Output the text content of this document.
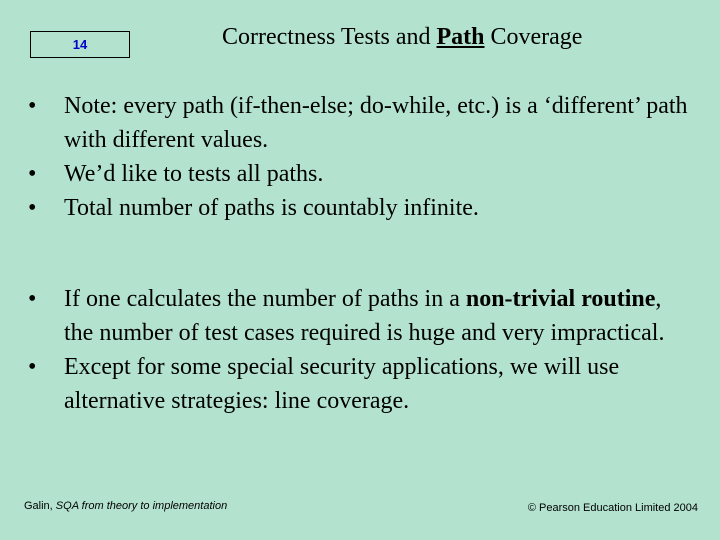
14	Correctness Tests and Path Coverage
•	Note: every path (if-then-else; do-while, etc.) is a ‘different’ path with different values.
•	We’d like to tests all paths.
•	Total number of paths is countably infinite.
•	If one calculates the number of paths in a non-trivial routine, the number of test cases required is huge and very impractical.
•	Except for some special security applications, we will use alternative strategies: line coverage.
Galin, SQA from theory to implementation	© Pearson Education Limited 2004
